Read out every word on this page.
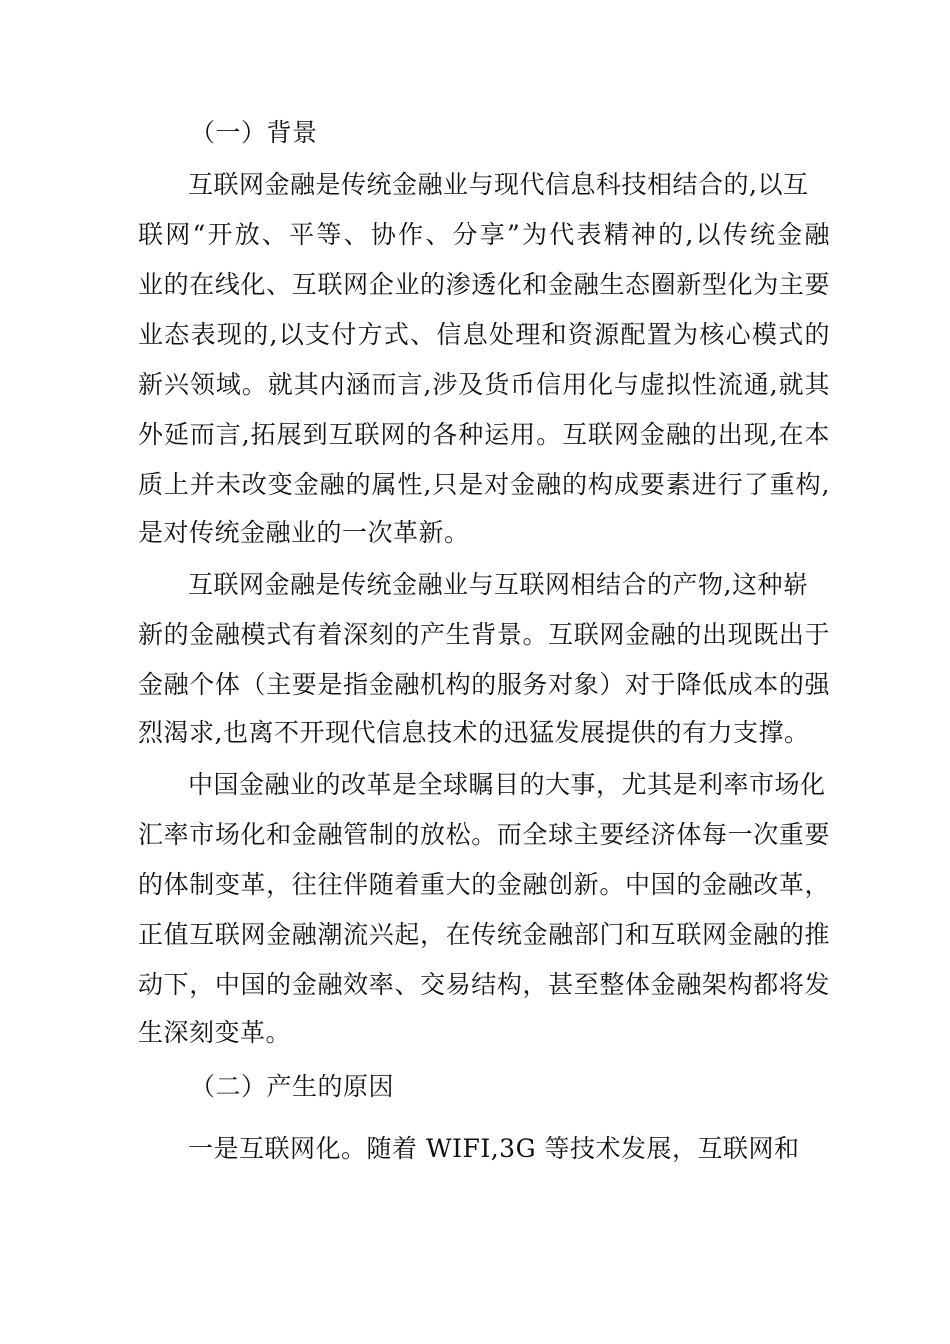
（一）背景
互联网金融是传统金融业与现代信息科技相结合的,以互
联网“开放、平等、协作、分享”为代表精神的,以传统金融
业的在线化、互联网企业的渗透化和金融生态圈新型化为主要
业态表现的,以支付方式、信息处理和资源配置为核心模式的
新兴领域。就其内涵而言,涉及货币信用化与虚拟性流通,就其
外延而言,拓展到互联网的各种运用。互联网金融的出现,在本
质上并未改变金融的属性,只是对金融的构成要素进行了重构,
是对传统金融业的一次革新。
互联网金融是传统金融业与互联网相结合的产物,这种崭
新的金融模式有着深刻的产生背景。互联网金融的出现既出于
金融个体（主要是指金融机构的服务对象）对于降低成本的强
烈渴求,也离不开现代信息技术的迅猛发展提供的有力支撑。
中国金融业的改革是全球瞩目的大事，尤其是利率市场化
汇率市场化和金融管制的放松。而全球主要经济体每一次重要
的体制变革，往往伴随着重大的金融创新。中国的金融改革，
正值互联网金融潮流兴起，在传统金融部门和互联网金融的推
动下，中国的金融效率、交易结构，甚至整体金融架构都将发
生深刻变革。
（二）产生的原因
一是互联网化。随着 WIFI,3G 等技术发展，互联网和
